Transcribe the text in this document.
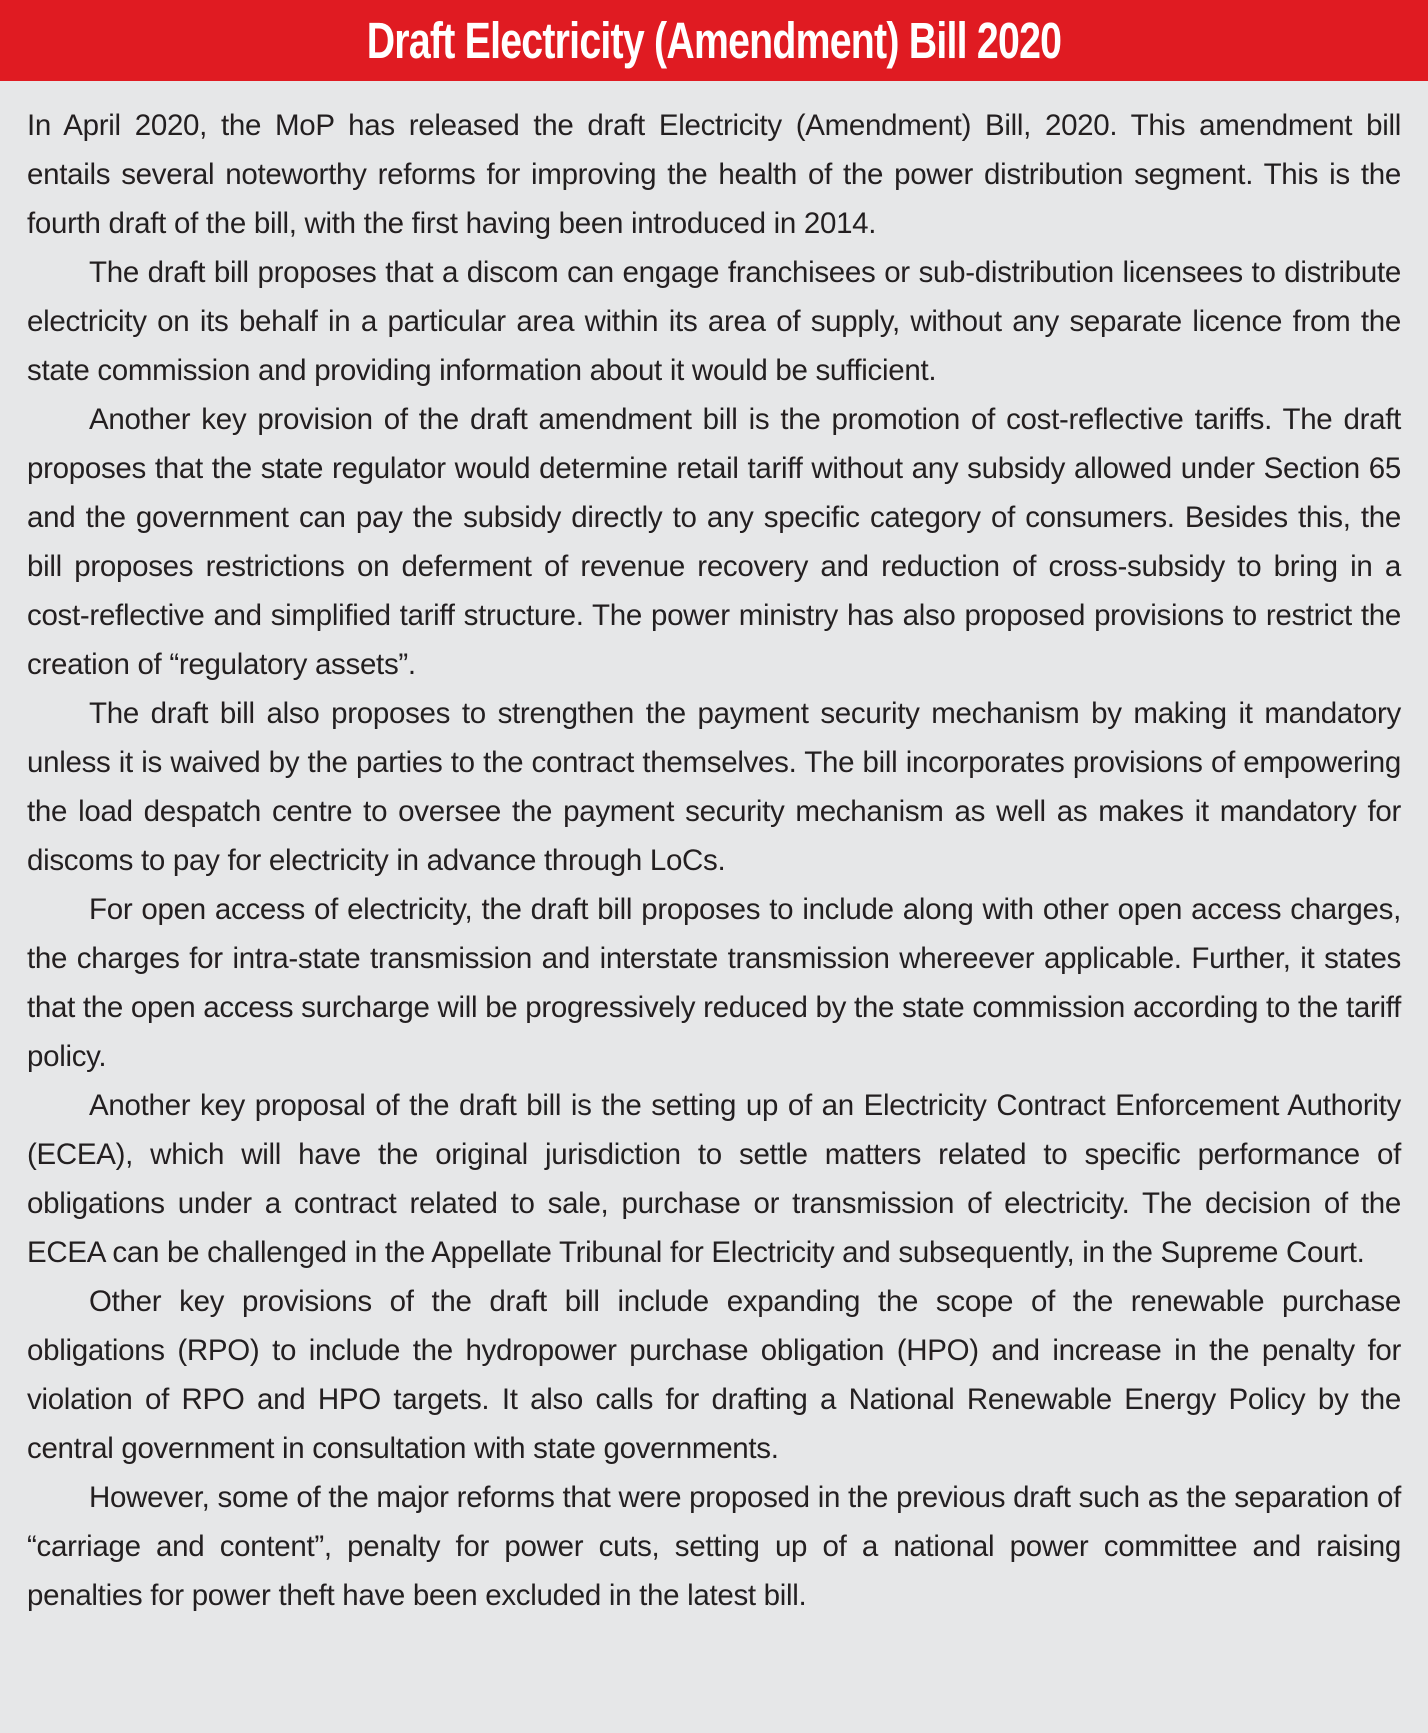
Draft Electricity (Amendment) Bill 2020

In April 2020, the MoP has released the draft Electricity (Amendment) Bill, 2020. This amendment bill entails several noteworthy reforms for improving the health of the power distribution segment. This is the fourth draft of the bill, with the first having been introduced in 2014.

The draft bill proposes that a discom can engage franchisees or sub-distribution licensees to distribute electricity on its behalf in a particular area within its area of supply, without any separate licence from the state commission and providing information about it would be sufficient.

Another key provision of the draft amendment bill is the promotion of cost-reflective tariffs. The draft proposes that the state regulator would determine retail tariff without any subsidy allowed under Section 65 and the government can pay the subsidy directly to any specific category of consumers. Besides this, the bill proposes restrictions on deferment of revenue recovery and reduction of cross-subsidy to bring in a cost-reflective and simplified tariff structure. The power ministry has also proposed provisions to restrict the creation of “regulatory assets”.

The draft bill also proposes to strengthen the payment security mechanism by making it mandatory unless it is waived by the parties to the contract themselves. The bill incorporates provisions of empowering the load despatch centre to oversee the payment security mechanism as well as makes it mandatory for discoms to pay for electricity in advance through LoCs.

For open access of electricity, the draft bill proposes to include along with other open access charges, the charges for intra-state transmission and interstate transmission whereever applicable. Further, it states that the open access surcharge will be progressively reduced by the state commission according to the tariff policy.

Another key proposal of the draft bill is the setting up of an Electricity Contract Enforcement Authority (ECEA), which will have the original jurisdiction to settle matters related to specific performance of obligations under a contract related to sale, purchase or transmission of electricity. The decision of the ECEA can be challenged in the Appellate Tribunal for Electricity and subsequently, in the Supreme Court.

Other key provisions of the draft bill include expanding the scope of the renewable purchase obligations (RPO) to include the hydropower purchase obligation (HPO) and increase in the penalty for violation of RPO and HPO targets. It also calls for drafting a National Renewable Energy Policy by the central government in consultation with state governments.

However, some of the major reforms that were proposed in the previous draft such as the separation of “carriage and content”, penalty for power cuts, setting up of a national power committee and raising penalties for power theft have been excluded in the latest bill.
